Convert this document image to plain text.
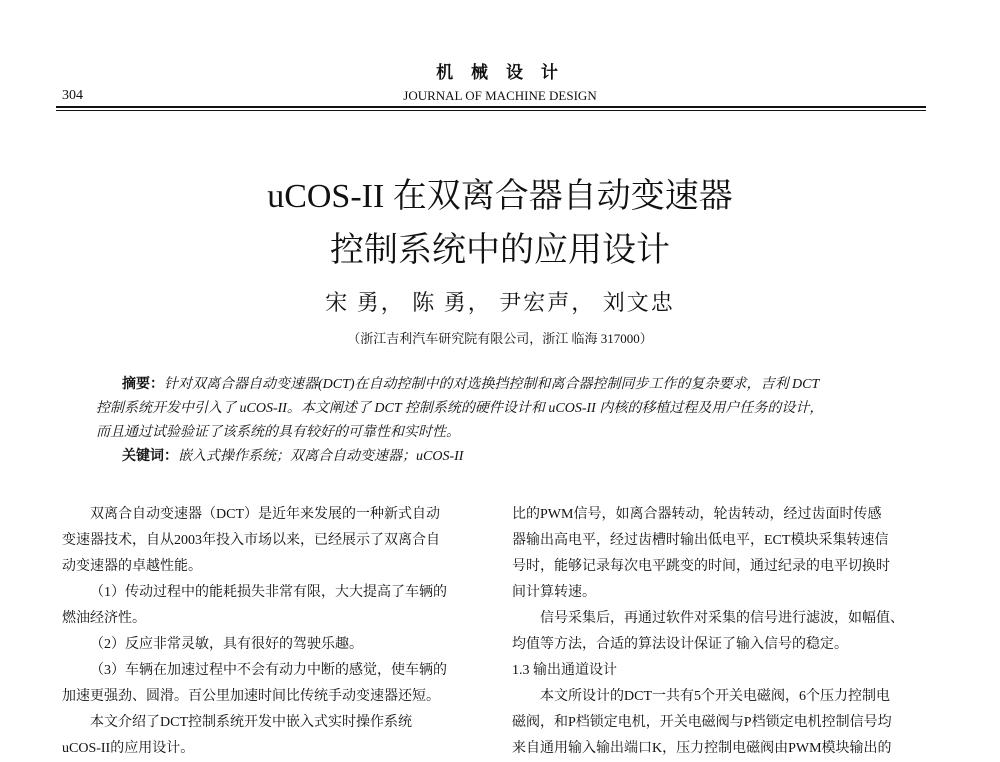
机 械 设 计
304	JOURNAL OF MACHINE DESIGN
uCOS-II 在双离合器自动变速器
控制系统中的应用设计
宋 勇， 陈 勇， 尹宏声， 刘文忠
（浙江吉利汽车研究院有限公司，浙江 临海 317000）
摘要：针对双离合器自动变速器(DCT)在自动控制中的对选换挡控制和离合器控制同步工作的复杂要求，吉利 DCT
控制系统开发中引入了 uCOS-II。本文阐述了 DCT 控制系统的硬件设计和 uCOS-II 内核的移植过程及用户任务的设计，
而且通过试验验证了该系统的具有较好的可靠性和实时性。
关键词：嵌入式操作系统；双离合自动变速器；uCOS-II

双离合自动变速器（DCT）是近年来发展的一种新式自动

变速器技术，自从2003年投入市场以来，已经展示了双离合自

动变速器的卓越性能。

（1）传动过程中的能耗损失非常有限，大大提高了车辆的

燃油经济性。

（2）反应非常灵敏，具有很好的驾驶乐趣。

（3）车辆在加速过程中不会有动力中断的感觉，使车辆的

加速更强劲、圆滑。百公里加速时间比传统手动变速器还短。

本文介绍了DCT控制系统开发中嵌入式实时操作系统

uCOS-II的应用设计。

比的PWM信号，如离合器转动，轮齿转动，经过齿面时传感

器输出高电平，经过齿槽时输出低电平，ECT模块采集转速信

号时，能够记录每次电平跳变的时间，通过纪录的电平切换时

间计算转速。

信号采集后，再通过软件对采集的信号进行滤波，如幅值、

均值等方法，合适的算法设计保证了输入信号的稳定。

1.3 输出通道设计

本文所设计的DCT一共有5个开关电磁阀，6个压力控制电

磁阀，和P档锁定电机，开关电磁阀与P档锁定电机控制信号均

来自通用输入输出端口K，压力控制电磁阀由PWM模块输出的
